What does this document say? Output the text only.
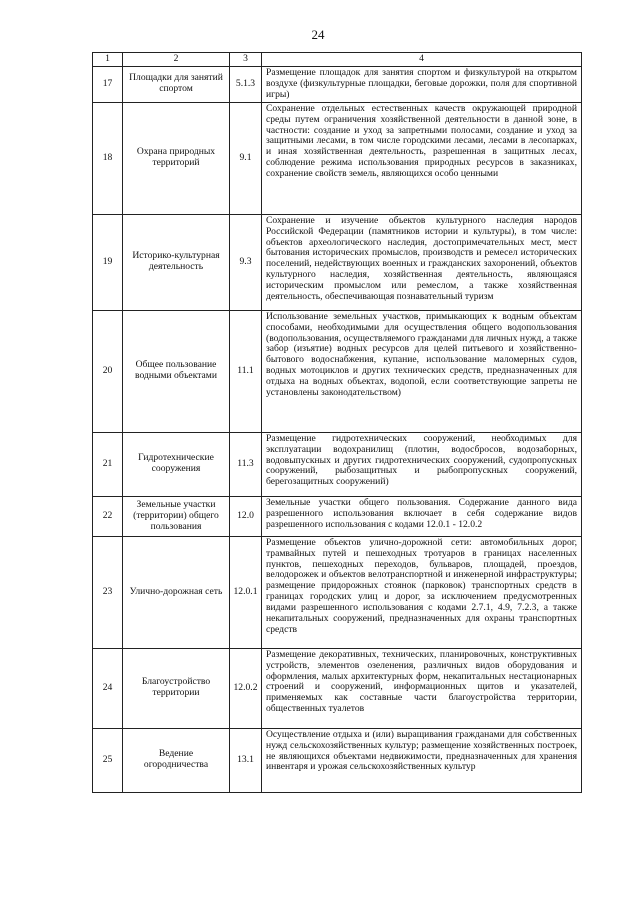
24
1	2	3	4
17	Площадки для занятий спортом	5.1.3	Размещение площадок для занятия спортом и физкультурой на открытом воздухе (физкультурные площадки, беговые дорожки, поля для спортивной игры)
18	Охрана природных территорий	9.1	Сохранение отдельных естественных качеств окружающей природной среды путем ограничения хозяйственной деятельности в данной зоне, в частности: создание и уход за запретными полосами, создание и уход за защитными лесами, в том числе городскими лесами, лесами в лесопарках, и иная хозяйственная деятельность, разрешенная в защитных лесах, соблюдение режима использования природных ресурсов в заказниках, сохранение свойств земель, являющихся особо ценными
19	Историко-культурная деятельность	9.3	Сохранение и изучение объектов культурного наследия народов Российской Федерации (памятников истории и культуры), в том числе: объектов археологического наследия, достопримечательных мест, мест бытования исторических промыслов, производств и ремесел исторических поселений, недействующих военных и гражданских захоронений, объектов культурного наследия, хозяйственная деятельность, являющаяся историческим промыслом или ремеслом, а также хозяйственная деятельность, обеспечивающая познавательный туризм
20	Общее пользование водными объектами	11.1	Использование земельных участков, примыкающих к водным объектам способами, необходимыми для осуществления общего водопользования (водопользования, осуществляемого гражданами для личных нужд, а также забор (изъятие) водных ресурсов для целей питьевого и хозяйственно-бытового водоснабжения, купание, использование маломерных судов, водных мотоциклов и других технических средств, предназначенных для отдыха на водных объектах, водопой, если соответствующие запреты не установлены законодательством)
21	Гидротехнические сооружения	11.3	Размещение гидротехнических сооружений, необходимых для эксплуатации водохранилищ (плотин, водосбросов, водозаборных, водовыпускных и других гидротехнических сооружений, судопропускных сооружений, рыбозащитных и рыбопропускных сооружений, берегозащитных сооружений)
22	Земельные участки (территории) общего пользования	12.0	Земельные участки общего пользования. Содержание данного вида разрешенного использования включает в себя содержание видов разрешенного использования с кодами 12.0.1 - 12.0.2
23	Улично-дорожная сеть	12.0.1	Размещение объектов улично-дорожной сети: автомобильных дорог, трамвайных путей и пешеходных тротуаров в границах населенных пунктов, пешеходных переходов, бульваров, площадей, проездов, велодорожек и объектов велотранспортной и инженерной инфраструктуры; размещение придорожных стоянок (парковок) транспортных средств в границах городских улиц и дорог, за исключением предусмотренных видами разрешенного использования с кодами 2.7.1, 4.9, 7.2.3, а также некапитальных сооружений, предназначенных для охраны транспортных средств
24	Благоустройство территории	12.0.2	Размещение декоративных, технических, планировочных, конструктивных устройств, элементов озеленения, различных видов оборудования и оформления, малых архитектурных форм, некапитальных нестационарных строений и сооружений, информационных щитов и указателей, применяемых как составные части благоустройства территории, общественных туалетов
25	Ведение огородничества	13.1	Осуществление отдыха и (или) выращивания гражданами для собственных нужд сельскохозяйственных культур; размещение хозяйственных построек, не являющихся объектами недвижимости, предназначенных для хранения инвентаря и урожая сельскохозяйственных культур
